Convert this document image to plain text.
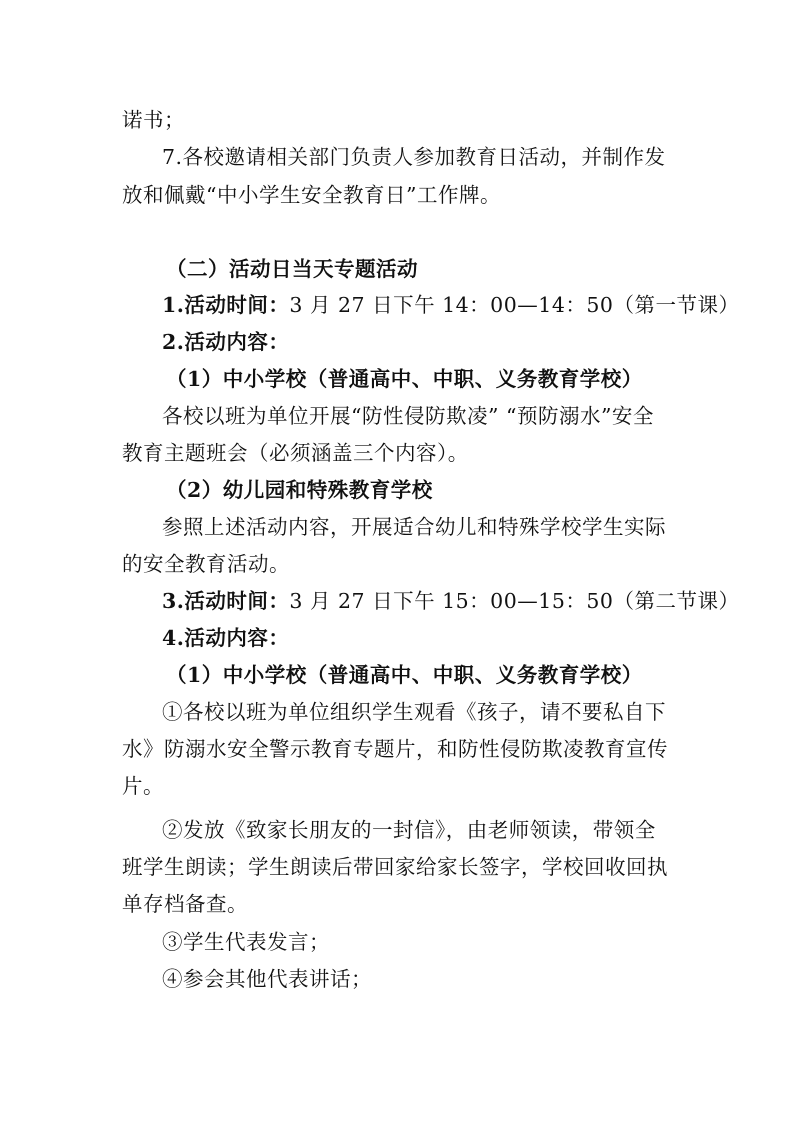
诺书；
7.各校邀请相关部门负责人参加教育日活动，并制作发
放和佩戴“中小学生安全教育日”工作牌。
（二）活动日当天专题活动
1.活动时间：3 月 27 日下午 14：00—14：50（第一节课）
2.活动内容：
（1）中小学校（普通高中、中职、义务教育学校）
各校以班为单位开展“防性侵防欺凌” “预防溺水”安全
教育主题班会（必须涵盖三个内容）。
（2）幼儿园和特殊教育学校
参照上述活动内容，开展适合幼儿和特殊学校学生实际
的安全教育活动。
3.活动时间：3 月 27 日下午 15：00—15：50（第二节课）
4.活动内容：
（1）中小学校（普通高中、中职、义务教育学校）
①各校以班为单位组织学生观看《孩子，请不要私自下
水》防溺水安全警示教育专题片，和防性侵防欺凌教育宣传
片。
②发放《致家长朋友的一封信》，由老师领读，带领全
班学生朗读；学生朗读后带回家给家长签字，学校回收回执
单存档备查。
③学生代表发言；
④参会其他代表讲话；
